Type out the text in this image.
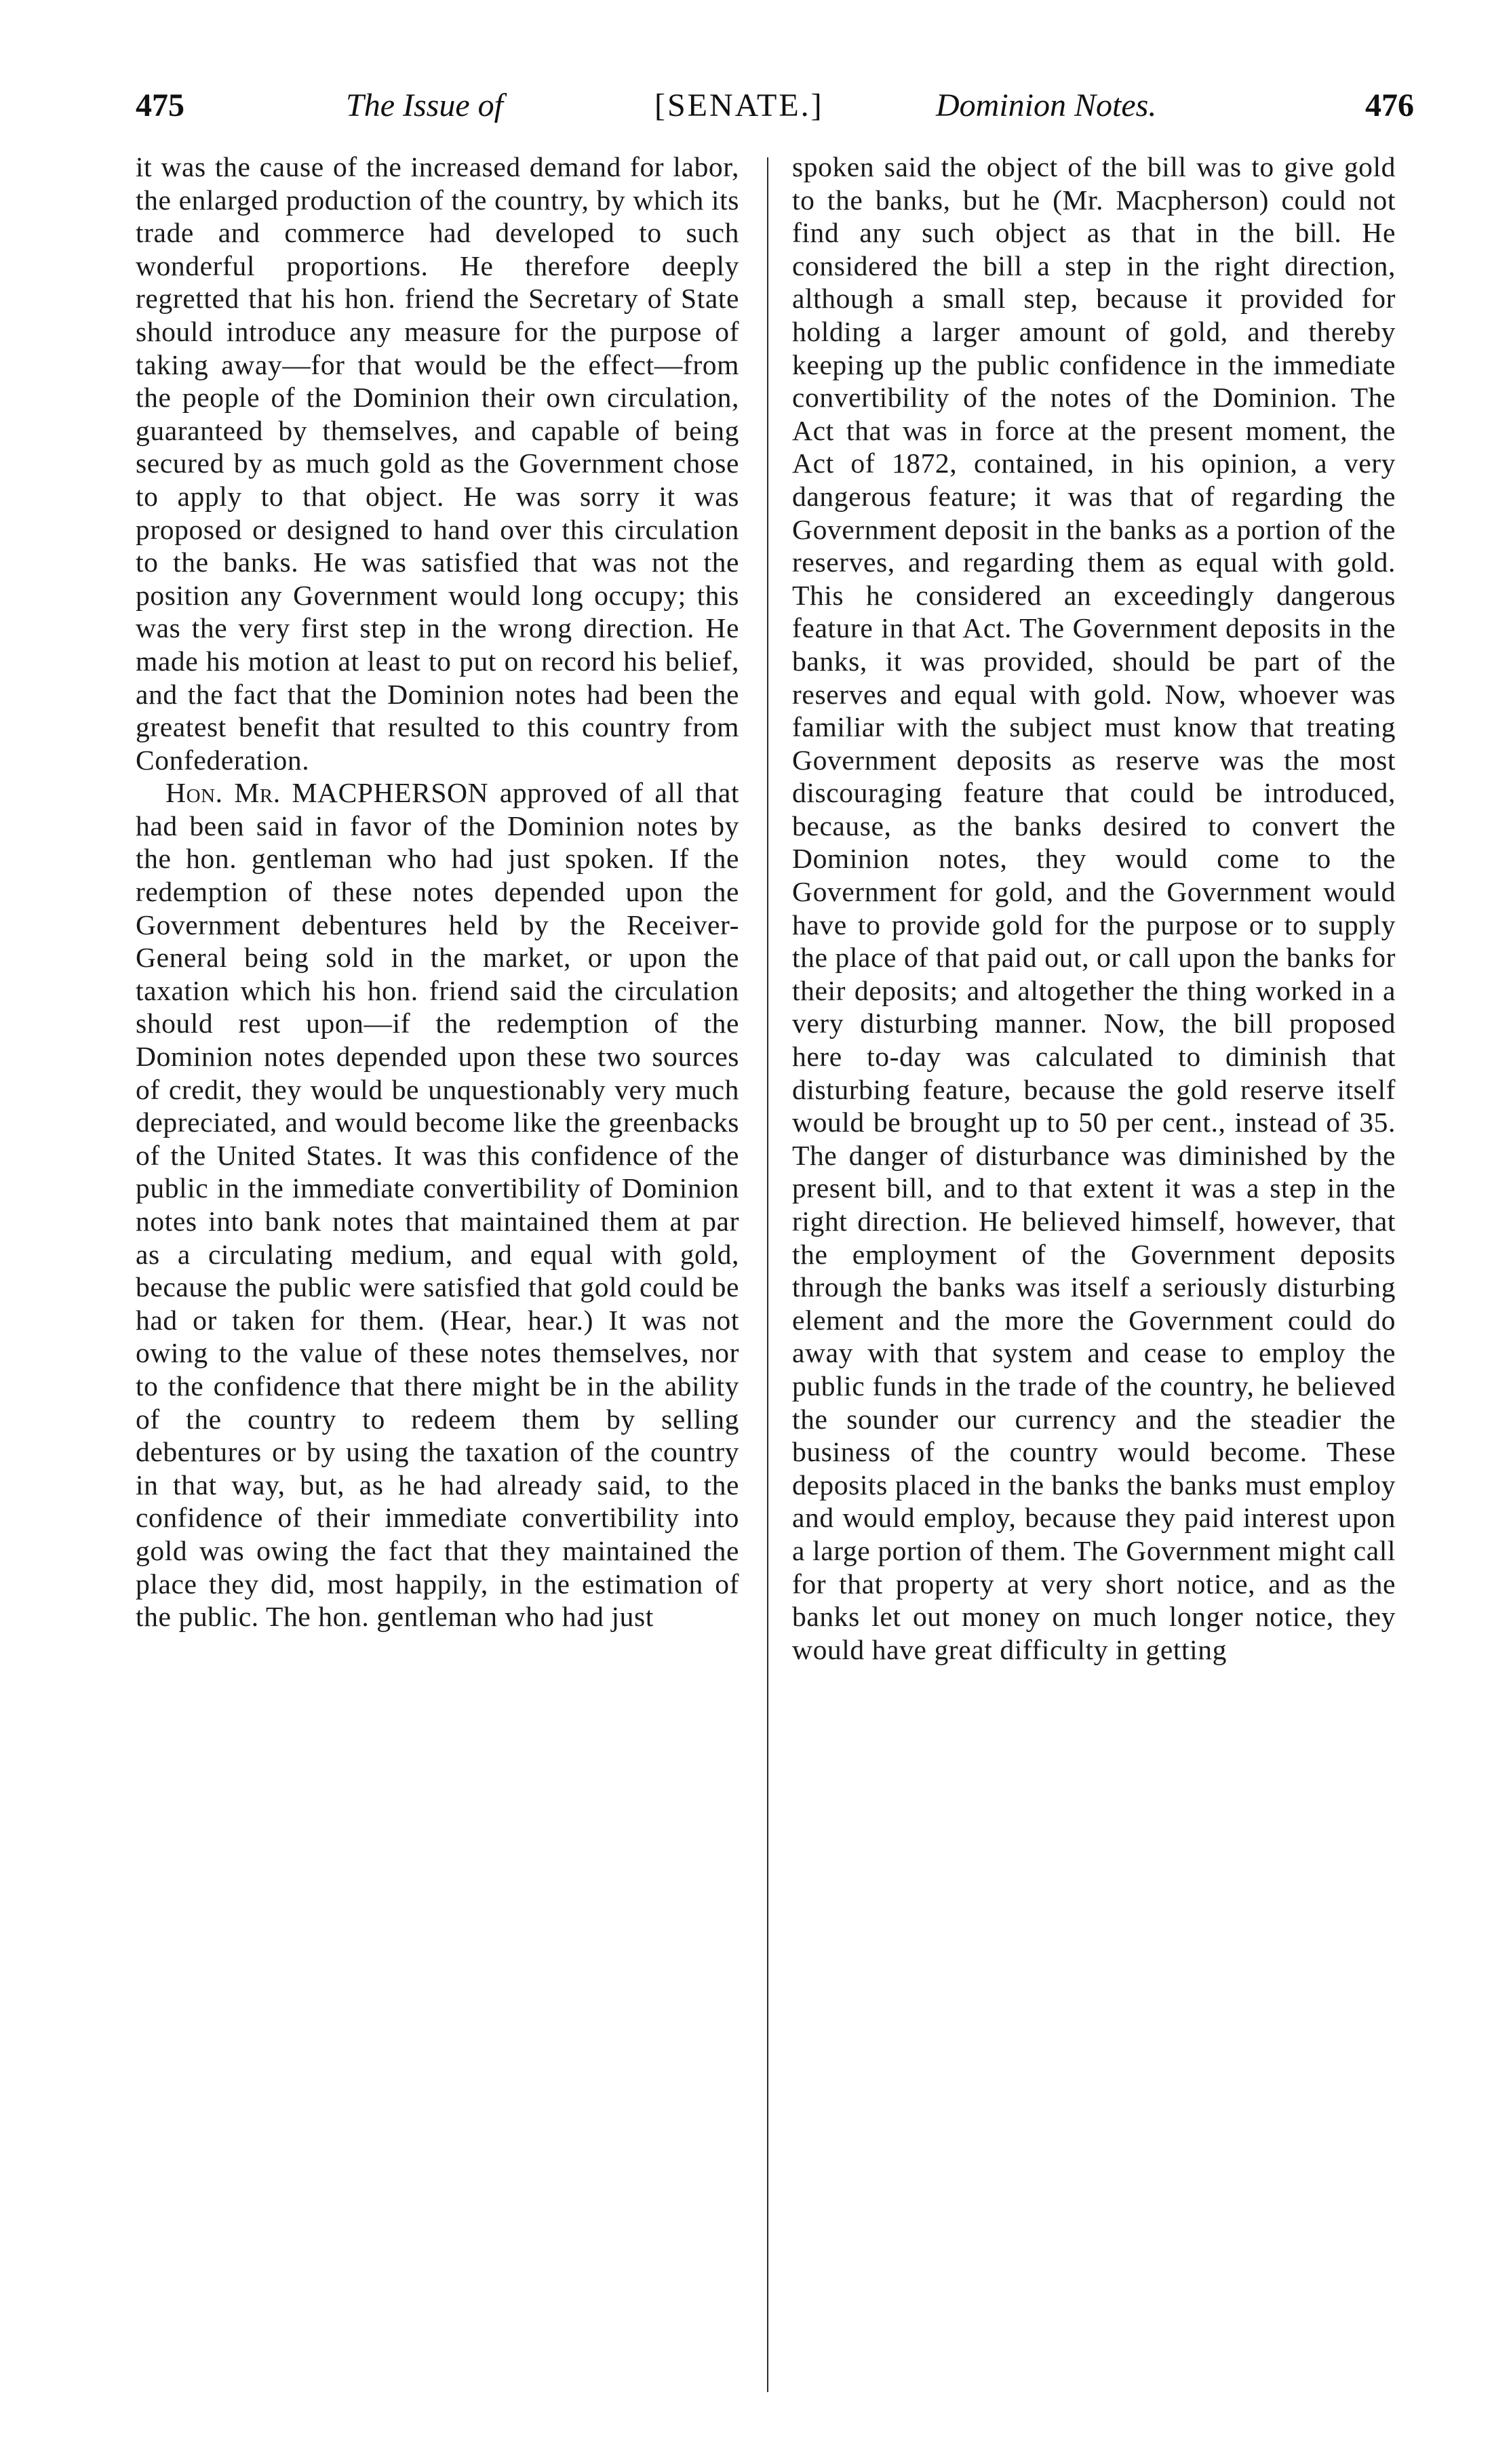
475	The Issue of	[SENATE.]	Dominion Notes.	476

it was the cause of the increased demand for labor, the enlarged production of the country, by which its trade and commerce had developed to such wonderful proportions. He therefore deeply regretted that his hon. friend the Secretary of State should introduce any measure for the purpose of taking away—for that would be the effect—from the people of the Dominion their own circulation, guaranteed by themselves, and capable of being secured by as much gold as the Government chose to apply to that object. He was sorry it was proposed or designed to hand over this circulation to the banks. He was satisfied that was not the position any Government would long occupy; this was the very first step in the wrong direction. He made his motion at least to put on record his belief, and the fact that the Dominion notes had been the greatest benefit that resulted to this country from Confederation.

Hon. Mr. MACPHERSON approved of all that had been said in favor of the Dominion notes by the hon. gentleman who had just spoken. If the redemption of these notes depended upon the Government debentures held by the Receiver-General being sold in the market, or upon the taxation which his hon. friend said the circulation should rest upon—if the redemption of the Dominion notes depended upon these two sources of credit, they would be unquestionably very much depreciated, and would become like the greenbacks of the United States. It was this confidence of the public in the immediate convertibility of Dominion notes into bank notes that maintained them at par as a circulating medium, and equal with gold, because the public were satisfied that gold could be had or taken for them. (Hear, hear.) It was not owing to the value of these notes themselves, nor to the confidence that there might be in the ability of the country to redeem them by selling debentures or by using the taxation of the country in that way, but, as he had already said, to the confidence of their immediate convertibility into gold was owing the fact that they maintained the place they did, most happily, in the estimation of the public. The hon. gentleman who had just

spoken said the object of the bill was to give gold to the banks, but he (Mr. Macpherson) could not find any such object as that in the bill. He considered the bill a step in the right direction, although a small step, because it provided for holding a larger amount of gold, and thereby keeping up the public confidence in the immediate convertibility of the notes of the Dominion. The Act that was in force at the present moment, the Act of 1872, contained, in his opinion, a very dangerous feature; it was that of regarding the Government deposit in the banks as a portion of the reserves, and regarding them as equal with gold. This he considered an exceedingly dangerous feature in that Act. The Government deposits in the banks, it was provided, should be part of the reserves and equal with gold. Now, whoever was familiar with the subject must know that treating Government deposits as reserve was the most discouraging feature that could be introduced, because, as the banks desired to convert the Dominion notes, they would come to the Government for gold, and the Government would have to provide gold for the purpose or to supply the place of that paid out, or call upon the banks for their deposits; and altogether the thing worked in a very disturbing manner. Now, the bill proposed here to-day was calculated to diminish that disturbing feature, because the gold reserve itself would be brought up to 50 per cent., instead of 35. The danger of disturbance was diminished by the present bill, and to that extent it was a step in the right direction. He believed himself, however, that the employment of the Government deposits through the banks was itself a seriously disturbing element and the more the Government could do away with that system and cease to employ the public funds in the trade of the country, he believed the sounder our currency and the steadier the business of the country would become. These deposits placed in the banks the banks must employ and would employ, because they paid interest upon a large portion of them. The Government might call for that property at very short notice, and as the banks let out money on much longer notice, they would have great difficulty in getting
